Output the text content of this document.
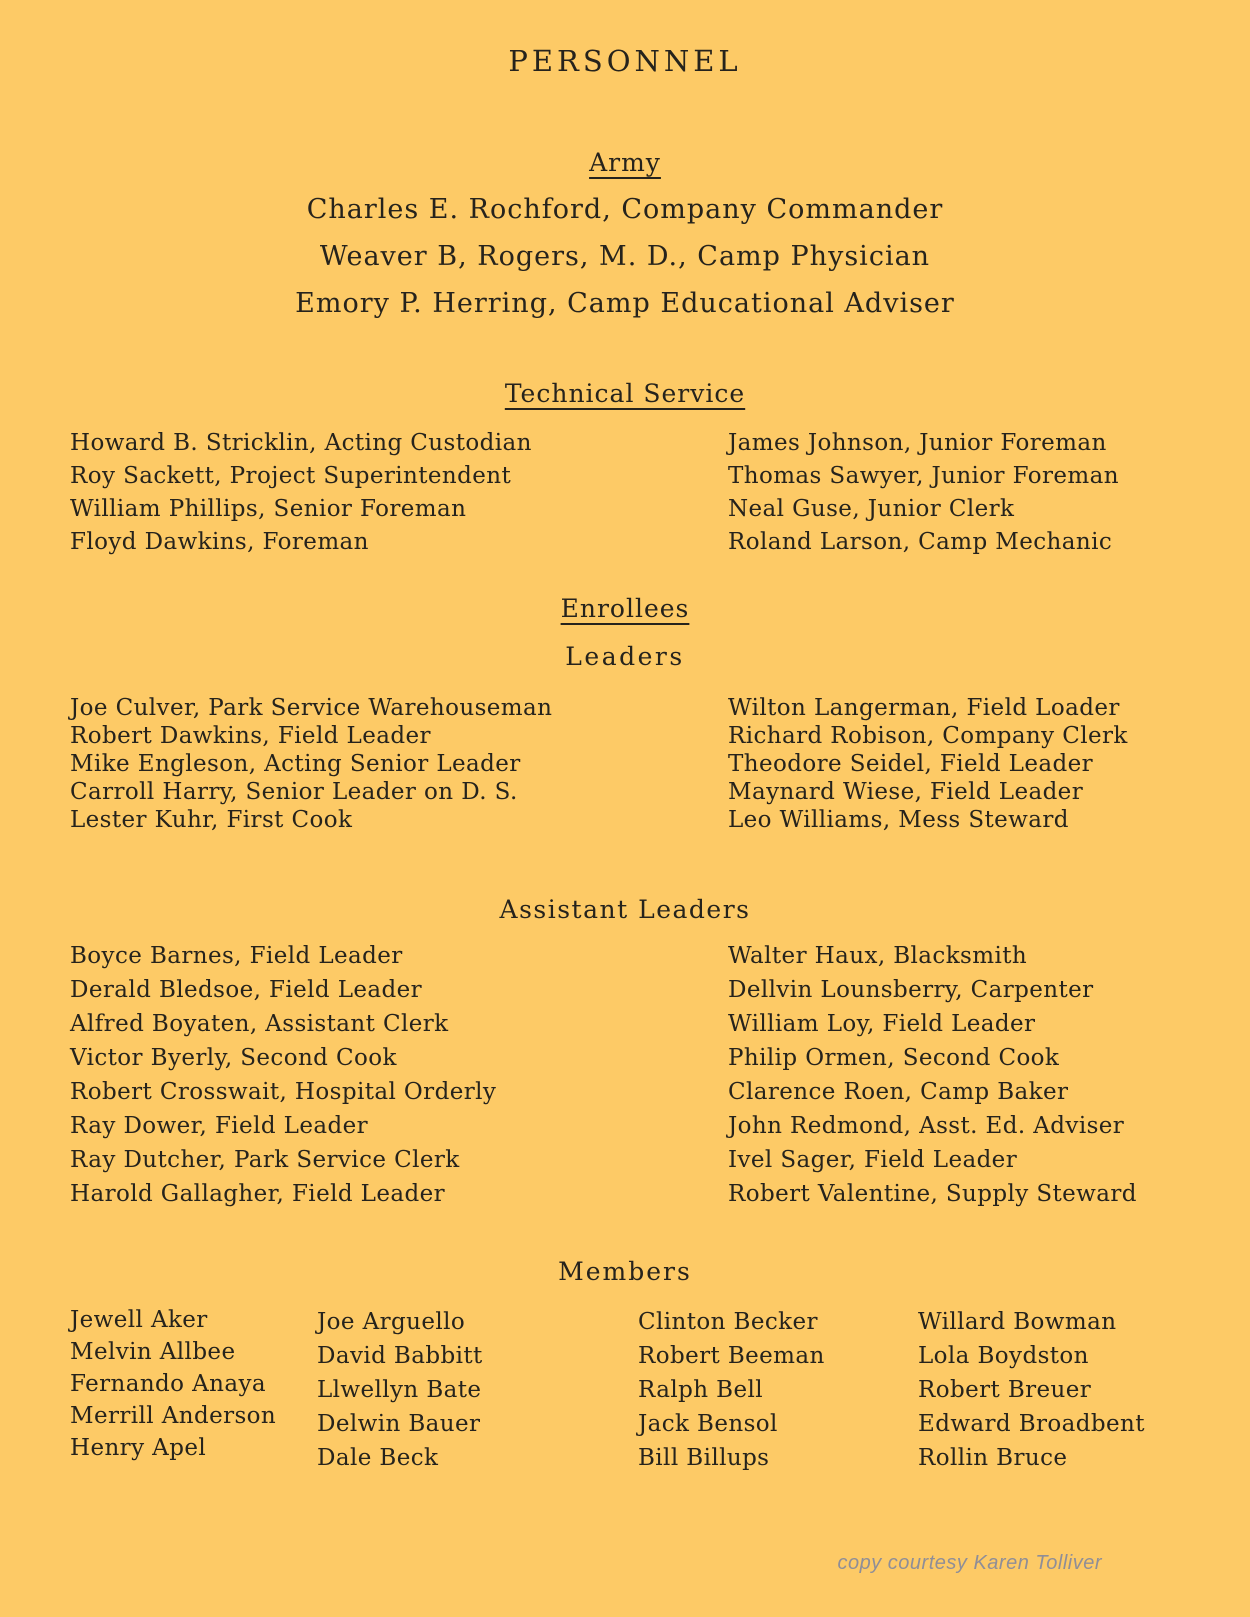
PERSONNEL
Army
Charles E. Rochford, Company Commander
Weaver B, Rogers, M. D., Camp Physician
Emory P. Herring, Camp Educational Adviser
Technical Service
Howard B. Stricklin, Acting Custodian
Roy Sackett, Project Superintendent
William Phillips, Senior Foreman
Floyd Dawkins, Foreman
James Johnson, Junior Foreman
Thomas Sawyer, Junior Foreman
Neal Guse, Junior Clerk
Roland Larson, Camp Mechanic
Enrollees
Leaders
Joe Culver, Park Service Warehouseman
Robert Dawkins, Field Leader
Mike Engleson, Acting Senior Leader
Carroll Harry, Senior Leader on D. S.
Lester Kuhr, First Cook
Wilton Langerman, Field Loader
Richard Robison, Company Clerk
Theodore Seidel, Field Leader
Maynard Wiese, Field Leader
Leo Williams, Mess Steward
Assistant Leaders
Boyce Barnes, Field Leader
Derald Bledsoe, Field Leader
Alfred Boyaten, Assistant Clerk
Victor Byerly, Second Cook
Robert Crosswait, Hospital Orderly
Ray Dower, Field Leader
Ray Dutcher, Park Service Clerk
Harold Gallagher, Field Leader
Walter Haux, Blacksmith
Dellvin Lounsberry, Carpenter
William Loy, Field Leader
Philip Ormen, Second Cook
Clarence Roen, Camp Baker
John Redmond, Asst. Ed. Adviser
Ivel Sager, Field Leader
Robert Valentine, Supply Steward
Members
Jewell Aker
Melvin Allbee
Fernando Anaya
Merrill Anderson
Henry Apel
Joe Arguello
David Babbitt
Llwellyn Bate
Delwin Bauer
Dale Beck
Clinton Becker
Robert Beeman
Ralph Bell
Jack Bensol
Bill Billups
Willard Bowman
Lola Boydston
Robert Breuer
Edward Broadbent
Rollin Bruce
copy courtesy Karen Tolliver
